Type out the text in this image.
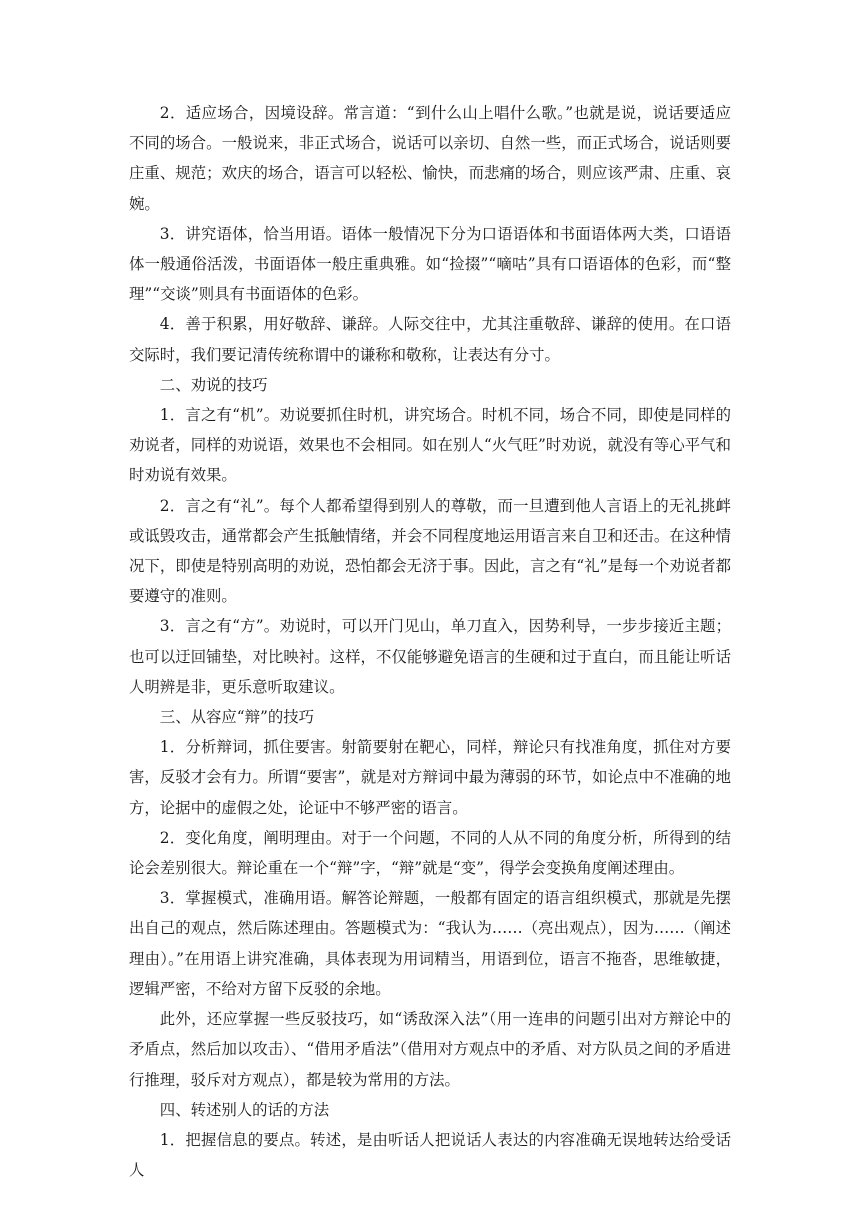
2．适应场合，因境设辞。常言道：“到什么山上唱什么歌。”也就是说，说话要适应不同的场合。一般说来，非正式场合，说话可以亲切、自然一些，而正式场合，说话则要庄重、规范；欢庆的场合，语言可以轻松、愉快，而悲痛的场合，则应该严肃、庄重、哀婉。

3．讲究语体，恰当用语。语体一般情况下分为口语语体和书面语体两大类，口语语体一般通俗活泼，书面语体一般庄重典雅。如“捡掇”“嘀咕”具有口语语体的色彩，而“整理”“交谈”则具有书面语体的色彩。

4．善于积累，用好敬辞、谦辞。人际交往中，尤其注重敬辞、谦辞的使用。在口语交际时，我们要记清传统称谓中的谦称和敬称，让表达有分寸。

二、劝说的技巧

1．言之有“机”。劝说要抓住时机，讲究场合。时机不同，场合不同，即使是同样的劝说者，同样的劝说语，效果也不会相同。如在别人“火气旺”时劝说，就没有等心平气和时劝说有效果。

2．言之有“礼”。每个人都希望得到别人的尊敬，而一旦遭到他人言语上的无礼挑衅或诋毁攻击，通常都会产生抵触情绪，并会不同程度地运用语言来自卫和还击。在这种情况下，即使是特别高明的劝说，恐怕都会无济于事。因此，言之有“礼”是每一个劝说者都要遵守的准则。

3．言之有“方”。劝说时，可以开门见山，单刀直入，因势利导，一步步接近主题；也可以迂回铺垫，对比映衬。这样，不仅能够避免语言的生硬和过于直白，而且能让听话人明辨是非，更乐意听取建议。

三、从容应“辩”的技巧

1．分析辩词，抓住要害。射箭要射在靶心，同样，辩论只有找准角度，抓住对方要害，反驳才会有力。所谓“要害”，就是对方辩词中最为薄弱的环节，如论点中不准确的地方，论据中的虚假之处，论证中不够严密的语言。

2．变化角度，阐明理由。对于一个问题，不同的人从不同的角度分析，所得到的结论会差别很大。辩论重在一个“辩”字，“辩”就是“变”，得学会变换角度阐述理由。

3．掌握模式，准确用语。解答论辩题，一般都有固定的语言组织模式，那就是先摆出自己的观点，然后陈述理由。答题模式为：“我认为……（亮出观点），因为……（阐述理由）。”在用语上讲究准确，具体表现为用词精当，用语到位，语言不拖沓，思维敏捷，逻辑严密，不给对方留下反驳的余地。

此外，还应掌握一些反驳技巧，如“诱敌深入法”（用一连串的问题引出对方辩论中的矛盾点，然后加以攻击）、“借用矛盾法”（借用对方观点中的矛盾、对方队员之间的矛盾进行推理，驳斥对方观点），都是较为常用的方法。

四、转述别人的话的方法

1．把握信息的要点。转述，是由听话人把说话人表达的内容准确无误地转达给受话人
